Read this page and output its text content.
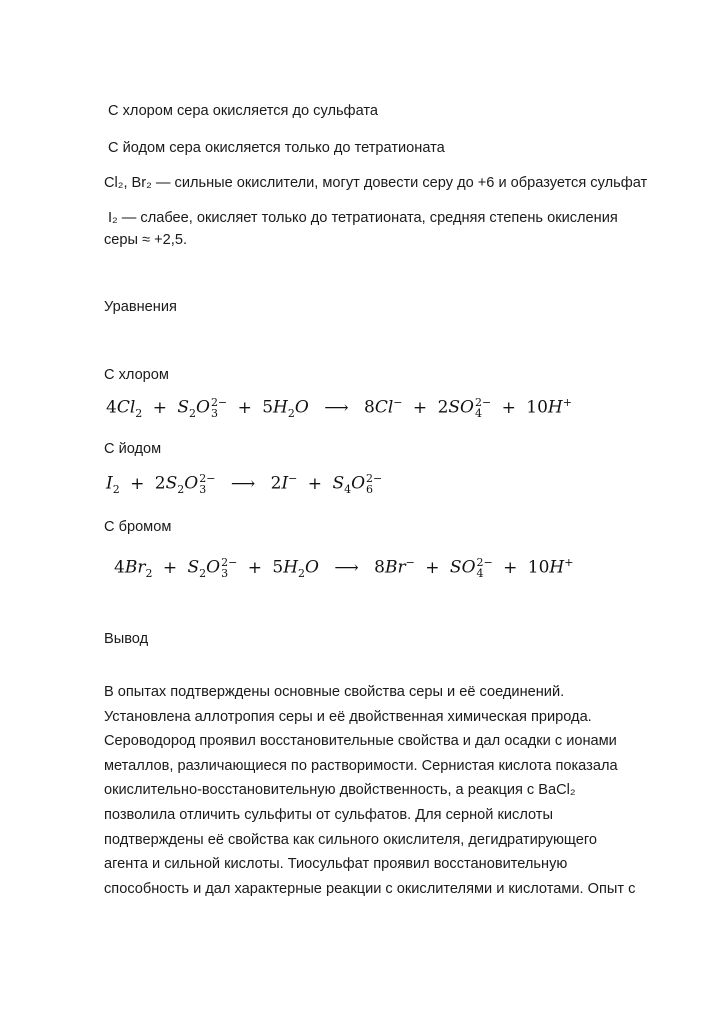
С хлором сера окисляется до сульфата
С йодом сера окисляется только до тетратионата
Cl₂, Br₂ — сильные окислители, могут довести серу до +6 и образуется сульфат
I₂ — слабее, окисляет только до тетратионата, средняя степень окисления
серы ≈ +2,5.
Уравнения
С хлором
$4Cl_2 + S_2O$ 2−
3	+ $5H_2O$ ⟶ 8Cl− + 2SO 2−
4	+ 10H+
С йодом
$I_2 + 2S_2O$ 2−
3	⟶ $2I^- + S_4O$ 2−
6
С бромом
$4Br_2 + S_2O$ 2−
3	+ $5H_2O$ ⟶ 8Br− + SO 2−
4	+ 10H+
Вывод
В опытах подтверждены основные свойства серы и её соединений.
Установлена аллотропия серы и её двойственная химическая природа.
Сероводород проявил восстановительные свойства и дал осадки с ионами
металлов, различающиеся по растворимости. Сернистая кислота показала
окислительно-восстановительную двойственность, а реакция с BaCl₂
позволила отличить сульфиты от сульфатов. Для серной кислоты
подтверждены её свойства как сильного окислителя, дегидратирующего
агента и сильной кислоты. Тиосульфат проявил восстановительную
способность и дал характерные реакции с окислителями и кислотами. Опыт с
